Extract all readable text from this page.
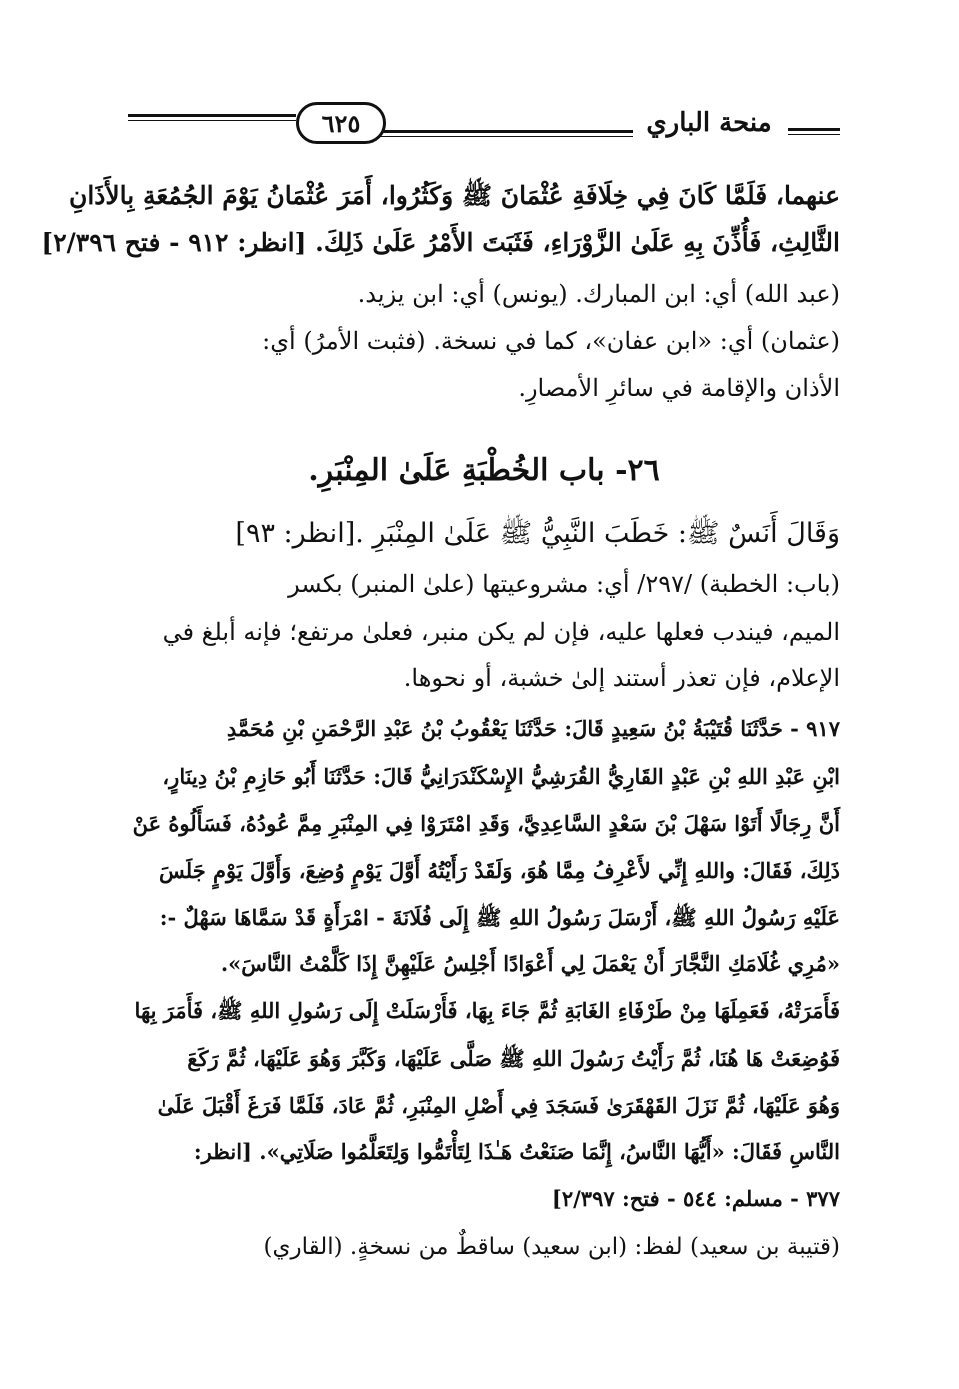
٦٢٥	منحة الباري
عنهما، فَلَمَّا كَانَ فِي خِلَافَةِ عُثْمَانَ ﷺ وَكَثُرُوا، أَمَرَ عُثْمَانُ يَوْمَ الجُمُعَةِ بِالأَذَانِ
الثَّالِثِ، فَأُذِّنَ بِهِ عَلَىٰ الزَّوْرَاءِ، فَثَبَتَ الأَمْرُ عَلَىٰ ذَلِكَ. [انظر: ٩١٢ - فتح ٢/٣٩٦]
(عبد الله) أي: ابن المبارك. (يونس) أي: ابن يزيد.
(عثمان) أي: «ابن عفان»، كما في نسخة. (فثبت الأمرُ) أي:
الأذان والإقامة في سائرِ الأمصارِ.
٢٦- باب الخُطْبَةِ عَلَىٰ المِنْبَرِ.
وَقَالَ أَنَسٌ ﷺ: خَطَبَ النَّبِيُّ ﷺ عَلَىٰ المِنْبَرِ .[انظر: ٩٣]
(باب: الخطبة) /٢٩٧/ أي: مشروعيتها (علىٰ المنبر) بكسر
الميم، فيندب فعلها عليه، فإن لم يكن منبر، فعلىٰ مرتفع؛ فإنه أبلغ في
الإعلام، فإن تعذر أستند إلىٰ خشبة، أو نحوها.
٩١٧ - حَدَّثَنَا قُتَيْبَةُ بْنُ سَعِيدٍ قَالَ: حَدَّثَنَا يَعْقُوبُ بْنُ عَبْدِ الرَّحْمَنِ بْنِ مُحَمَّدِ
ابْنِ عَبْدِ اللهِ بْنِ عَبْدٍ القَارِيُّ القُرَشِيُّ الإِسْكَنْدَرَانِيُّ قَالَ: حَدَّثَنَا أَبُو حَازِمِ بْنُ دِينَارٍ،
أَنَّ رِجَالًا أَتَوْا سَهْلَ بْنَ سَعْدٍ السَّاعِدِيَّ، وَقَدِ امْتَرَوْا فِي المِنْبَرِ مِمَّ عُودُهُ، فَسَأَلُوهُ عَنْ
ذَلِكَ، فَقَالَ: واللهِ إِنِّي لأَعْرِفُ مِمَّا هُوَ، وَلَقَدْ رَأَيْتُهُ أَوَّلَ يَوْمٍ وُضِعَ، وَأَوَّلَ يَوْمٍ جَلَسَ
عَلَيْهِ رَسُولُ اللهِ ﷺ، أَرْسَلَ رَسُولُ اللهِ ﷺ إِلَى فُلَانَةَ - امْرَأَةٍ قَدْ سَمَّاهَا سَهْلٌ -:
«مُرِي غُلَامَكِ النَّجَّارَ أَنْ يَعْمَلَ لِي أَعْوَادًا أَجْلِسُ عَلَيْهِنَّ إِذَا كَلَّمْتُ النَّاسَ».
فَأَمَرَتْهُ، فَعَمِلَهَا مِنْ طَرْفَاءِ الغَابَةِ ثُمَّ جَاءَ بِهَا، فَأَرْسَلَتْ إِلَى رَسُولِ اللهِ ﷺ، فَأَمَرَ بِهَا
فَوُضِعَتْ هَا هُنَا، ثُمَّ رَأَيْتُ رَسُولَ اللهِ ﷺ صَلَّى عَلَيْهَا، وَكَبَّرَ وَهُوَ عَلَيْهَا، ثُمَّ رَكَعَ
وَهُوَ عَلَيْهَا، ثُمَّ نَزَلَ القَهْقَرَىٰ فَسَجَدَ فِي أَصْلِ المِنْبَرِ، ثُمَّ عَادَ، فَلَمَّا فَرَغَ أَقْبَلَ عَلَىٰ
النَّاسِ فَقَالَ: «أَيُّهَا النَّاسُ، إِنَّمَا صَنَعْتُ هَـٰذَا لِتَأْتَمُّوا وَلِتَعَلَّمُوا صَلَاتِي». [انظر:
٣٧٧ - مسلم: ٥٤٤ - فتح: ٢/٣٩٧]
(قتيبة بن سعيد) لفظ: (ابن سعيد) ساقطٌ من نسخةٍ. (القاري)
